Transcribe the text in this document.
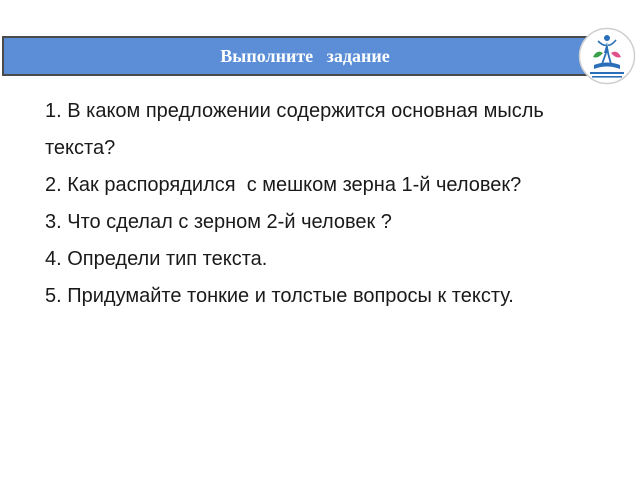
Выполните   задание
1. В каком предложении содержится основная мысль текста?
2. Как распорядился  с мешком зерна 1-й человек?
3. Что сделал с зерном 2-й человек ?
4. Определи тип текста.
5. Придумайте тонкие и толстые вопросы к тексту.
